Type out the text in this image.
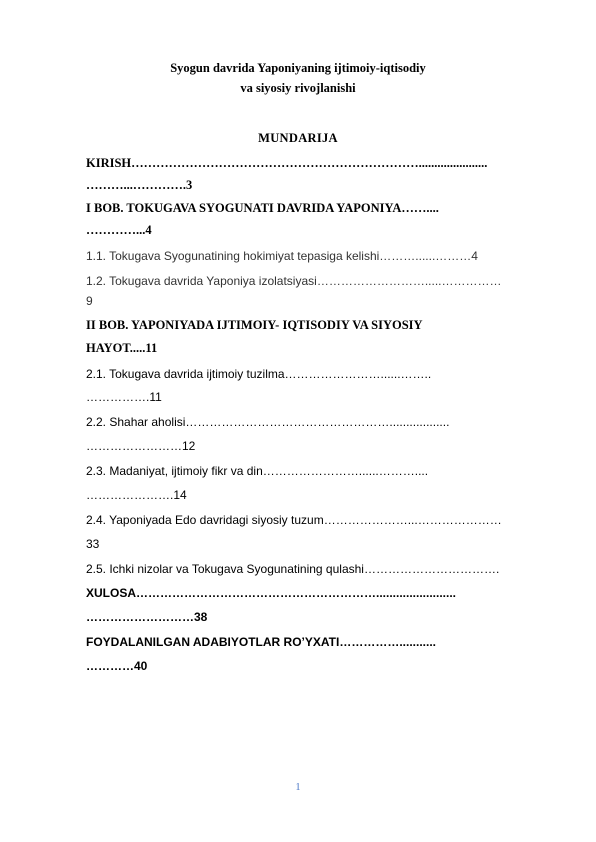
Syogun davrida Yaponiyaning ijtimoiy-iqtisodiy
va siyosiy rivojlanishi
MUNDARIJA
KIRISH……………………………………………………………......................
………...………….3
I BOB. TOKUGAVA SYOGUNATI DAVRIDA YAPONIYA……....
…………...4
1.1. Tokugava Syogunatining hokimiyat tepasiga kelishi………......………4
1.2. Tokugava davrida Yaponiya izolatsiyasi……………………….....……………
9
II BOB. YAPONIYADA IJTIMOIY- IQTISODIY VA SIYOSIY
HAYOT.....11
2.1. Tokugava davrida ijtimoiy tuzilma……………………......……..
…………….11
2.2. Shahar aholisi……………………………………………..................
……………………12
2.3. Madaniyat, ijtimoiy fikr va din……………………......………....
………………….14
2.4. Yaponiyada Edo davridagi siyosiy tuzum…………………...…………………
33
2.5. Ichki nizolar va Tokugava Syogunatining qulashi…………………………….
XULOSA……………………………………………………........................
………………………38
FOYDALANILGAN ADABIYOTLAR RO’YXATI……………...........
…………40
1
